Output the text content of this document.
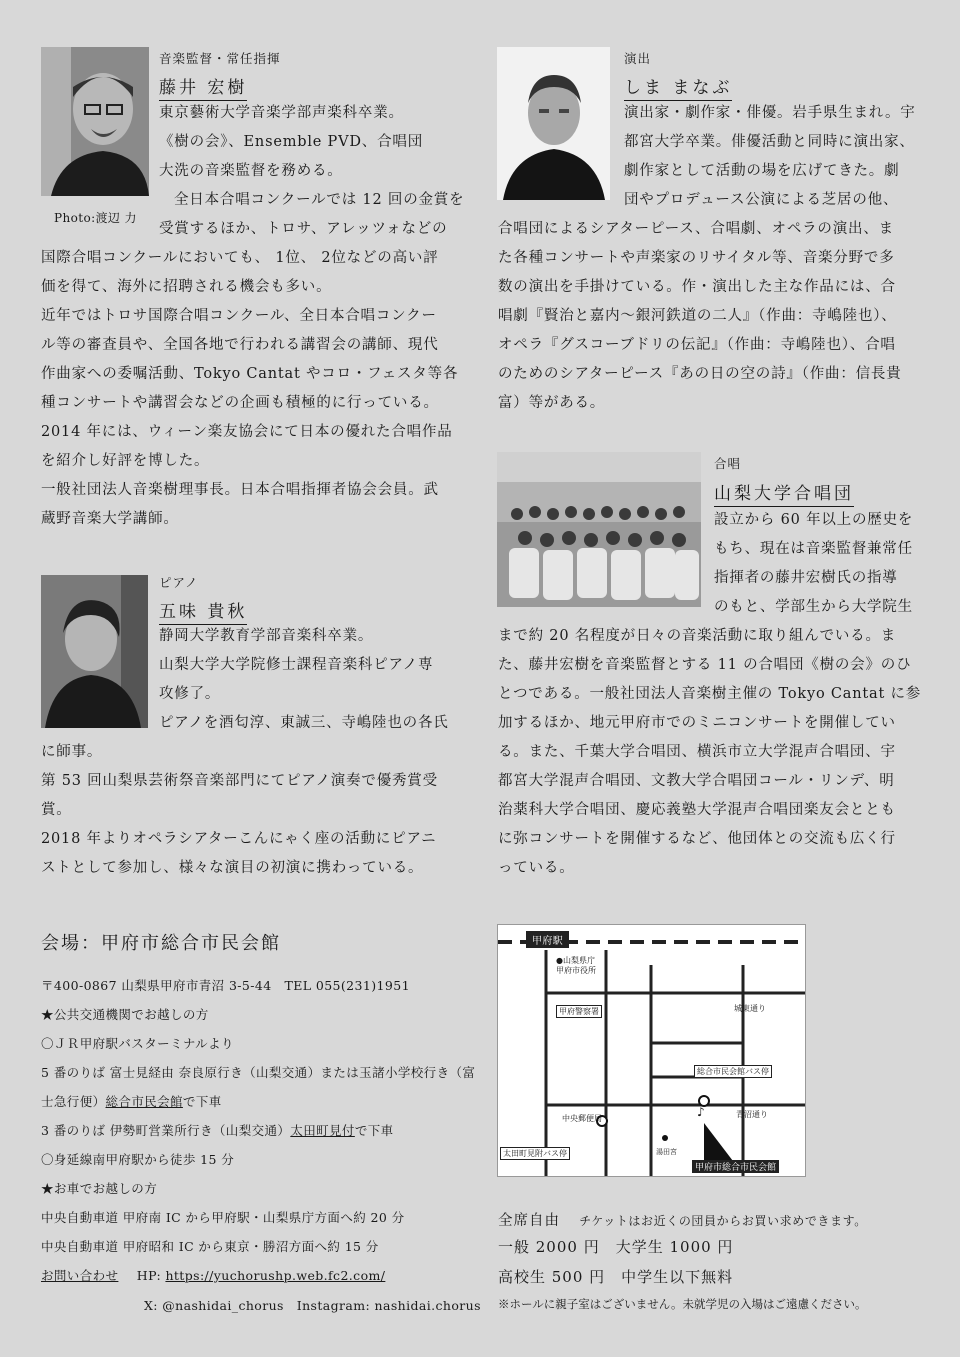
Photo:渡辺 力
音楽監督・常任指揮
藤井 宏樹
東京藝術大学音楽学部声楽科卒業。
《樹の会》、Ensemble PVD、合唱団
大洗の音楽監督を務める。
全日本合唱コンクールでは 12 回の金賞を
受賞するほか、トロサ、アレッツォなどの
国際合唱コンクールにおいても、 1位、 2位などの高い評
価を得て、海外に招聘される機会も多い。
近年ではトロサ国際合唱コンクール、全日本合唱コンクー
ル等の審査員や、全国各地で行われる講習会の講師、現代
作曲家への委嘱活動、Tokyo Cantat やコロ・フェスタ等各
種コンサートや講習会などの企画も積極的に行っている。
2014 年には、ウィーン楽友協会にて日本の優れた合唱作品
を紹介し好評を博した。
一般社団法人音楽樹理事長。日本合唱指揮者協会会員。武
蔵野音楽大学講師。
ピアノ
五味 貴秋
静岡大学教育学部音楽科卒業。
山梨大学大学院修士課程音楽科ピアノ専
攻修了。
ピアノを酒匂淳、東誠三、寺嶋陸也の各氏
に師事。
第 53 回山梨県芸術祭音楽部門にてピアノ演奏で優秀賞受
賞。
2018 年よりオペラシアターこんにゃく座の活動にピアニ
ストとして参加し、様々な演目の初演に携わっている。
演出
しま まなぶ
演出家・劇作家・俳優。岩手県生まれ。宇
都宮大学卒業。俳優活動と同時に演出家、
劇作家として活動の場を広げてきた。劇
団やプロデュース公演による芝居の他、
合唱団によるシアターピース、合唱劇、オペラの演出、ま
た各種コンサートや声楽家のリサイタル等、音楽分野で多
数の演出を手掛けている。作・演出した主な作品には、合
唱劇『賢治と嘉内～銀河鉄道の二人』（作曲：寺嶋陸也）、
オペラ『グスコーブドリの伝記』（作曲：寺嶋陸也）、合唱
のためのシアターピース『あの日の空の詩』（作曲：信長貴
富）等がある。
合唱
山梨大学合唱団
設立から 60 年以上の歴史を
もち、現在は音楽監督兼常任
指揮者の藤井宏樹氏の指導
のもと、学部生から大学院生
まで約 20 名程度が日々の音楽活動に取り組んでいる。ま
た、藤井宏樹を音楽監督とする 11 の合唱団《樹の会》のひ
とつである。一般社団法人音楽樹主催の Tokyo Cantat に参
加するほか、地元甲府市でのミニコンサートを開催してい
る。また、千葉大学合唱団、横浜市立大学混声合唱団、宇
都宮大学混声合唱団、文教大学合唱団コール・リンデ、明
治薬科大学合唱団、慶応義塾大学混声合唱団楽友会ととも
に弥コンサートを開催するなど、他団体との交流も広く行
っている。
会場：甲府市総合市民会館
〒400-0867 山梨県甲府市青沼 3-5-44　TEL 055(231)1951
★公共交通機関でお越しの方
〇ＪＲ甲府駅バスターミナルより
5 番のりば 富士見経由 奈良原行き（山梨交通）または玉諸小学校行き（富
士急行便）総合市民会館で下車
3 番のりば 伊勢町営業所行き（山梨交通）太田町見付で下車
〇身延線南甲府駅から徒歩 15 分
★お車でお越しの方
中央自動車道 甲府南 IC から甲府駅・山梨県庁方面へ約 20 分
中央自動車道 甲府昭和 IC から東京・勝沼方面へ約 15 分
お問い合わせ HP: https://yuchorushp.web.fc2.com/
X: @nashidai_chorus　Instagram: nashidai.chorus
甲府駅
●山梨県庁
甲府市役所
甲府警察署	城東通り
総合市民会館バス停
青沼通り
中央郵便局
太田町見附バス停	湯田宮
甲府市総合市民会館
♪
全席自由 チケットはお近くの団員からお買い求めできます。
一般 2000 円　大学生 1000 円
高校生 500 円　中学生以下無料
※ホールに親子室はございません。未就学児の入場はご遠慮ください。
